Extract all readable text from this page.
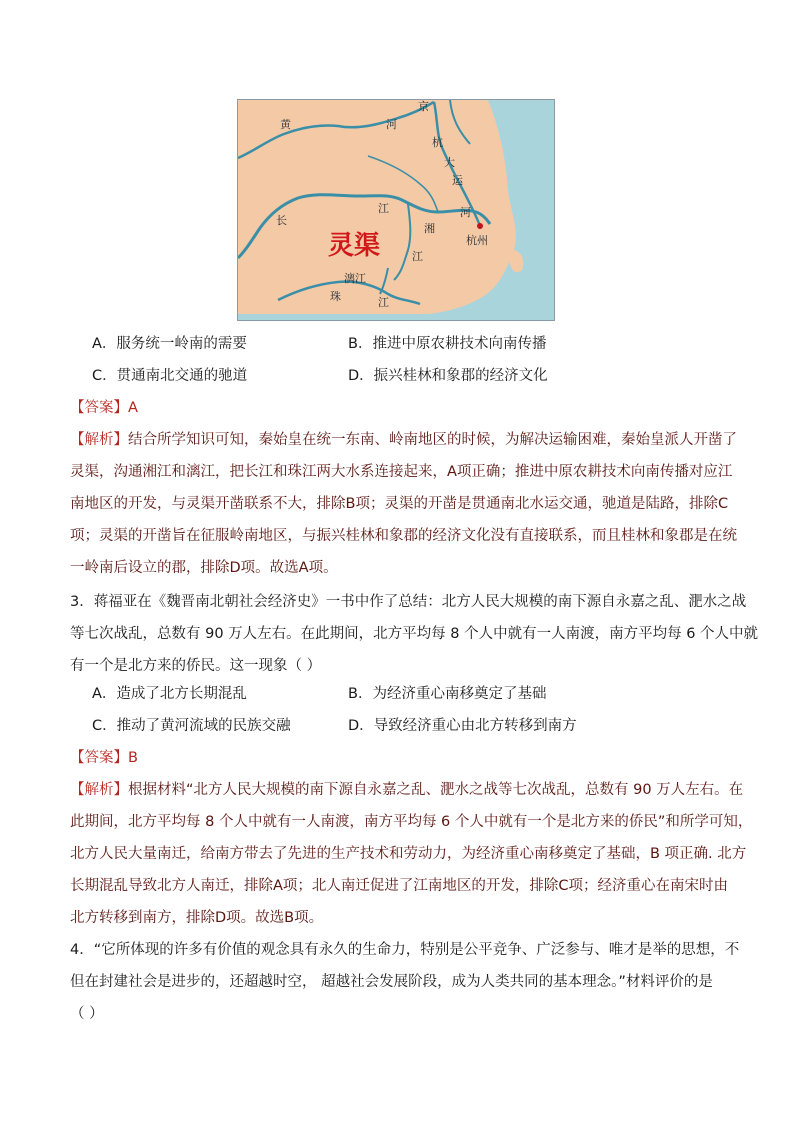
黄
京
河
杭
大
运
河
杭州
长
江
湘
江
漓江
珠	江
灵渠
A．服务统一岭南的需要	B．推进中原农耕技术向南传播
C．贯通南北交通的驰道	D．振兴桂林和象郡的经济文化
【答案】A
【解析】结合所学知识可知，秦始皇在统一东南、岭南地区的时候，为解决运输困难，秦始皇派人开凿了
灵渠，沟通湘江和漓江，把长江和珠江两大水系连接起来，A项正确；推进中原农耕技术向南传播对应江
南地区的开发，与灵渠开凿联系不大，排除B项；灵渠的开凿是贯通南北水运交通，驰道是陆路，排除C
项；灵渠的开凿旨在征服岭南地区，与振兴桂林和象郡的经济文化没有直接联系，而且桂林和象郡是在统
一岭南后设立的郡，排除D项。故选A项。
3．蒋福亚在《魏晋南北朝社会经济史》一书中作了总结：北方人民大规模的南下源自永嘉之乱、淝水之战
等七次战乱，总数有 90 万人左右。在此期间，北方平均每 8 个人中就有一人南渡，南方平均每 6 个人中就
有一个是北方来的侨民。这一现象（ ）
A．造成了北方长期混乱	B．为经济重心南移奠定了基础
C．推动了黄河流域的民族交融	D．导致经济重心由北方转移到南方
【答案】B
【解析】根据材料“北方人民大规模的南下源自永嘉之乱、淝水之战等七次战乱，总数有 90 万人左右。在
此期间，北方平均每 8 个人中就有一人南渡，南方平均每 6 个人中就有一个是北方来的侨民”和所学可知，
北方人民大量南迁，给南方带去了先进的生产技术和劳动力，为经济重心南移奠定了基础，B 项正确. 北方
长期混乱导致北方人南迁，排除A项；北人南迁促进了江南地区的开发，排除C项；经济重心在南宋时由
北方转移到南方，排除D项。故选B项。
4．“它所体现的许多有价值的观念具有永久的生命力，特别是公平竞争、广泛参与、唯才是举的思想，不
但在封建社会是进步的，还超越时空， 超越社会发展阶段，成为人类共同的基本理念。”材料评价的是
（ ）
